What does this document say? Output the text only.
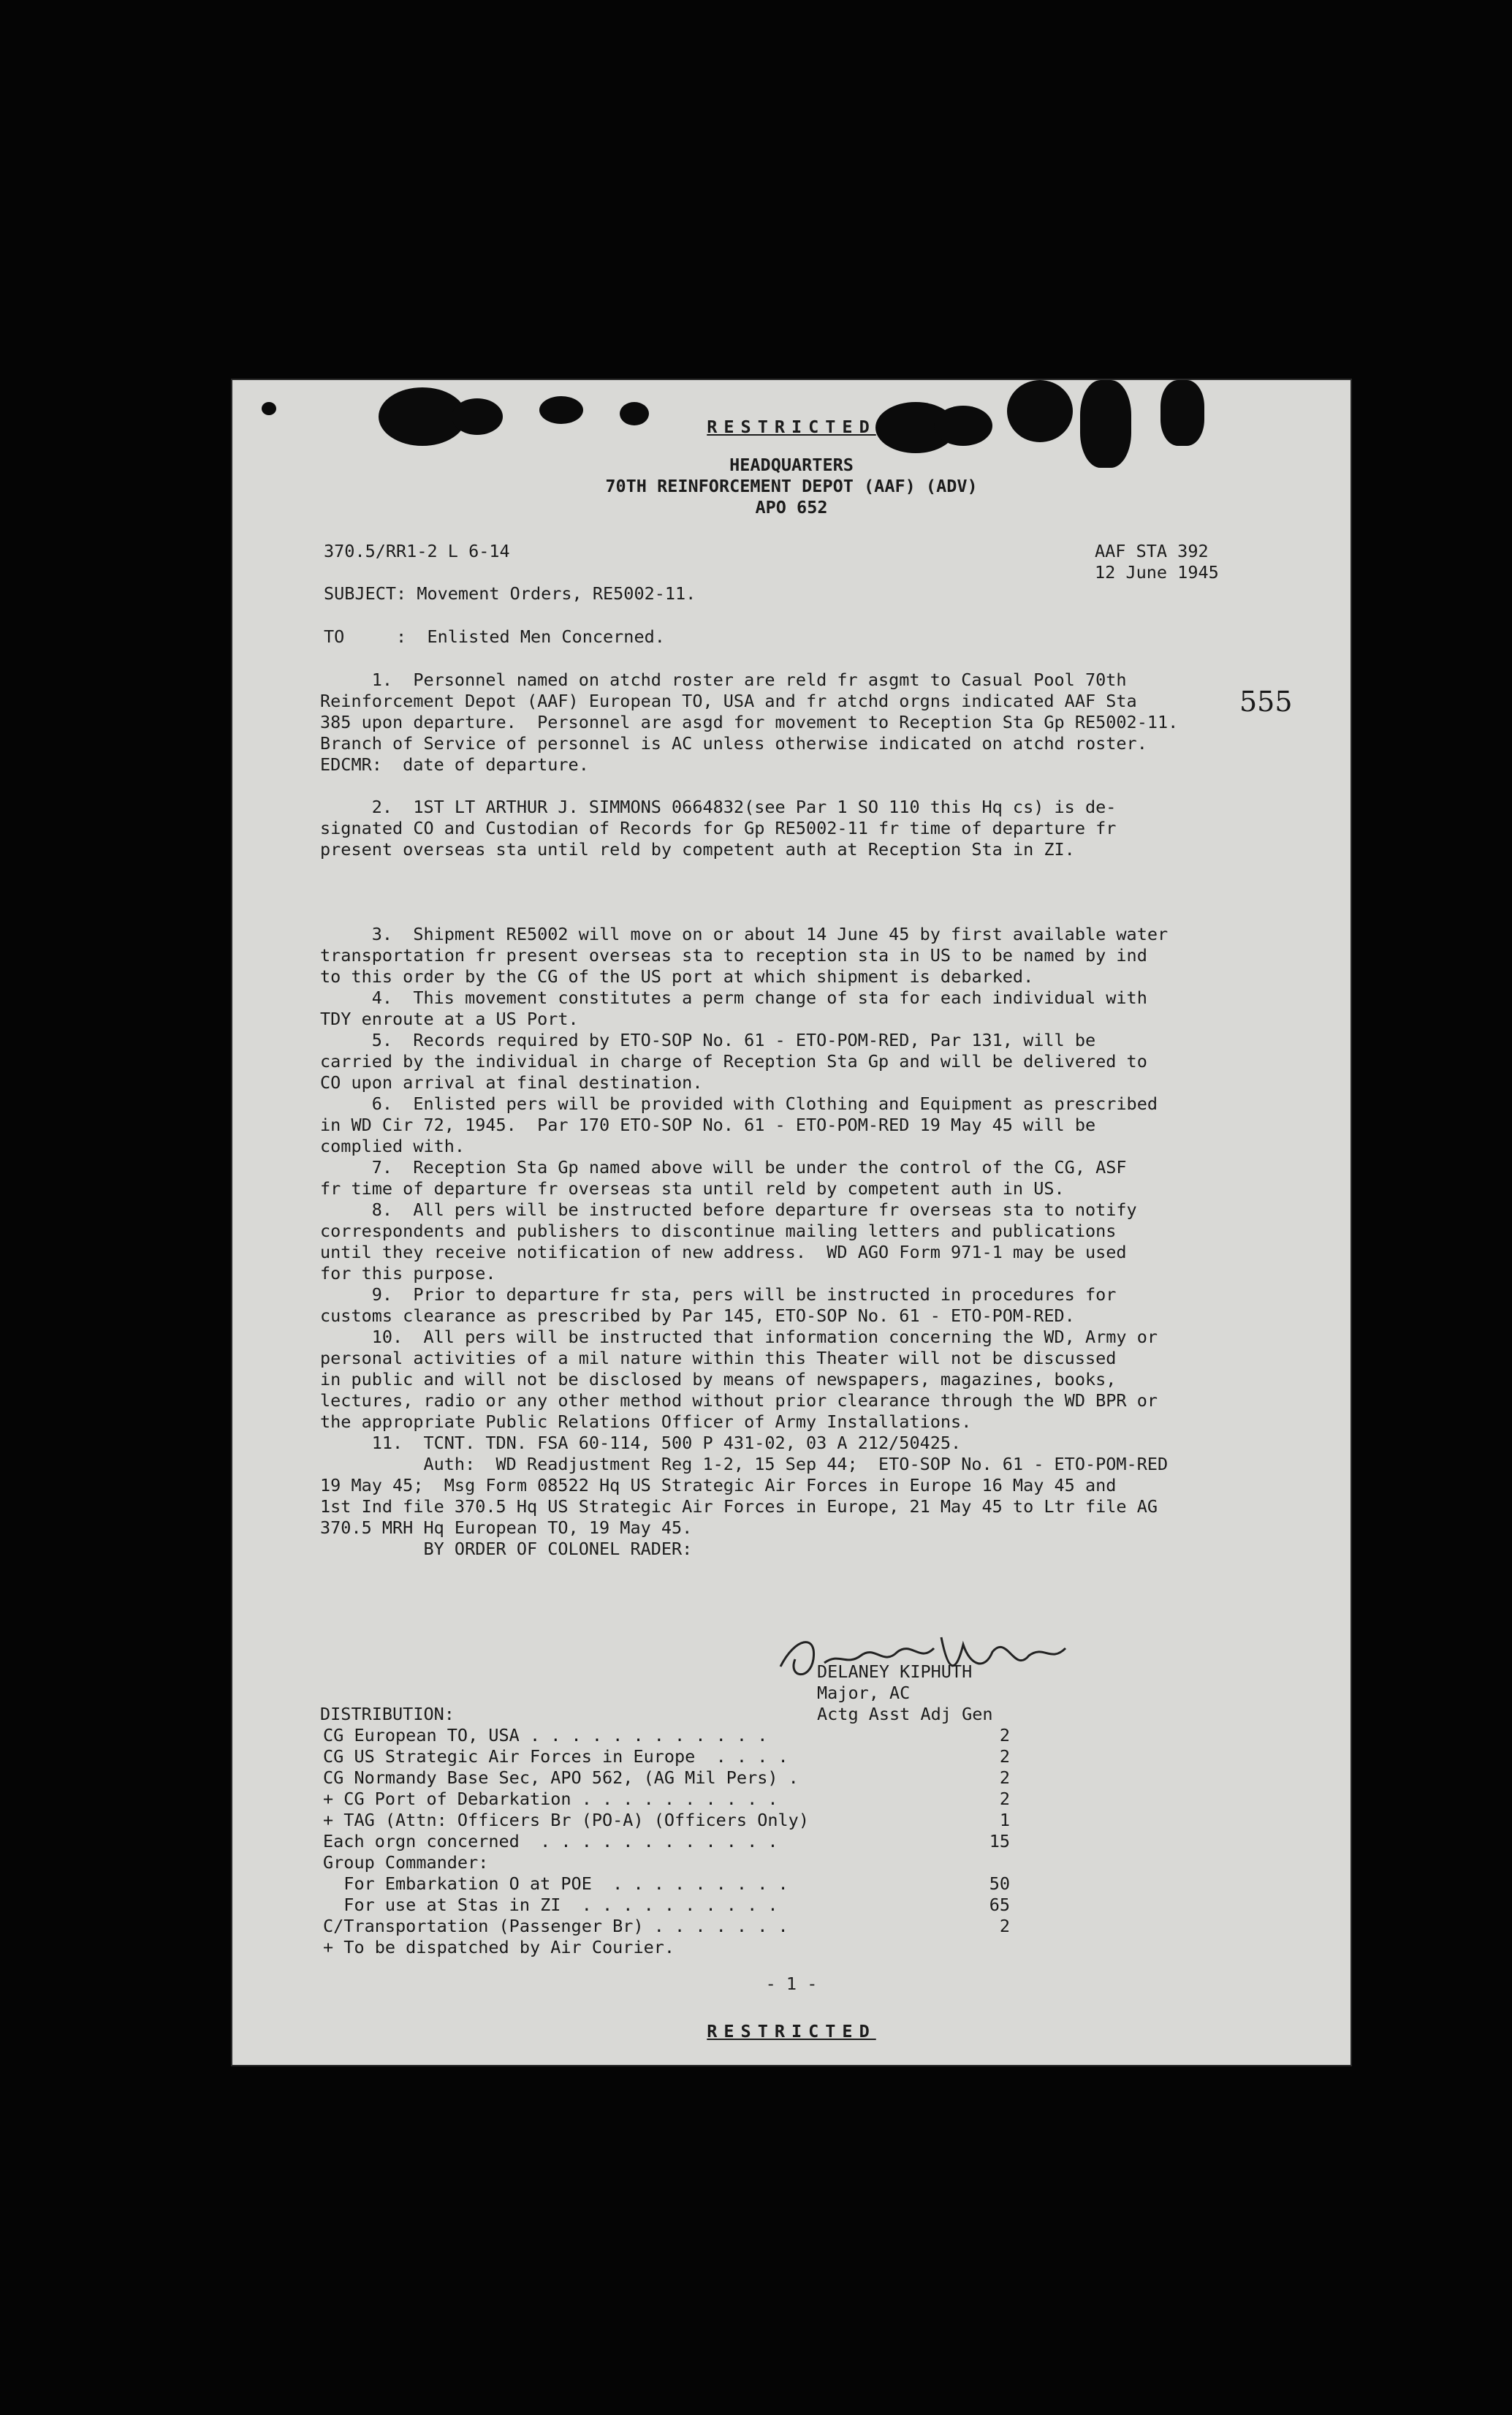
RESTRICTED
HEADQUARTERS
70TH REINFORCEMENT DEPOT (AAF) (ADV)
APO 652
370.5/RR1-2 L 6-14	AAF STA 392
12 June 1945
SUBJECT: Movement Orders, RE5002-11.
TO     :  Enlisted Men Concerned.
555
1.  Personnel named on atchd roster are reld fr asgmt to Casual Pool 70th
Reinforcement Depot (AAF) European TO, USA and fr atchd orgns indicated AAF Sta
385 upon departure.  Personnel are asgd for movement to Reception Sta Gp RE5002-11.
Branch of Service of personnel is AC unless otherwise indicated on atchd roster.
EDCMR:  date of departure.
2.  1ST LT ARTHUR J. SIMMONS 0664832(see Par 1 SO 110 this Hq cs) is de-
signated CO and Custodian of Records for Gp RE5002-11 fr time of departure fr
present overseas sta until reld by competent auth at Reception Sta in ZI.
3.  Shipment RE5002 will move on or about 14 June 45 by first available water
transportation fr present overseas sta to reception sta in US to be named by ind
to this order by the CG of the US port at which shipment is debarked.
4.  This movement constitutes a perm change of sta for each individual with
TDY enroute at a US Port.
5.  Records required by ETO-SOP No. 61 - ETO-POM-RED, Par 131, will be
carried by the individual in charge of Reception Sta Gp and will be delivered to
CO upon arrival at final destination.
6.  Enlisted pers will be provided with Clothing and Equipment as prescribed
in WD Cir 72, 1945.  Par 170 ETO-SOP No. 61 - ETO-POM-RED 19 May 45 will be
complied with.
7.  Reception Sta Gp named above will be under the control of the CG, ASF
fr time of departure fr overseas sta until reld by competent auth in US.
8.  All pers will be instructed before departure fr overseas sta to notify
correspondents and publishers to discontinue mailing letters and publications
until they receive notification of new address.  WD AGO Form 971-1 may be used
for this purpose.
9.  Prior to departure fr sta, pers will be instructed in procedures for
customs clearance as prescribed by Par 145, ETO-SOP No. 61 - ETO-POM-RED.
10.  All pers will be instructed that information concerning the WD, Army or
personal activities of a mil nature within this Theater will not be discussed
in public and will not be disclosed by means of newspapers, magazines, books,
lectures, radio or any other method without prior clearance through the WD BPR or
the appropriate Public Relations Officer of Army Installations.
11.  TCNT. TDN. FSA 60-114, 500 P 431-02, 03 A 212/50425.
Auth:  WD Readjustment Reg 1-2, 15 Sep 44;  ETO-SOP No. 61 - ETO-POM-RED
19 May 45;  Msg Form 08522 Hq US Strategic Air Forces in Europe 16 May 45 and
1st Ind file 370.5 Hq US Strategic Air Forces in Europe, 21 May 45 to Ltr file AG
370.5 MRH Hq European TO, 19 May 45.
BY ORDER OF COLONEL RADER:
DeLancy Kiphuth
DELANEY KIPHUTH
Major, AC
Actg Asst Adj Gen
DISTRIBUTION:
CG European TO, USA . . . . . . . . . . . .	2
CG US Strategic Air Forces in Europe  . . . .	2
CG Normandy Base Sec, APO 562, (AG Mil Pers) .	2
+ CG Port of Debarkation . . . . . . . . . .	2
+ TAG (Attn: Officers Br (PO-A) (Officers Only)	1
Each orgn concerned  . . . . . . . . . . . .	15
Group Commander:
For Embarkation O at POE  . . . . . . . . .	50
For use at Stas in ZI  . . . . . . . . . .	65
C/Transportation (Passenger Br) . . . . . . .	2
+ To be dispatched by Air Courier.
- 1 -
RESTRICTED
